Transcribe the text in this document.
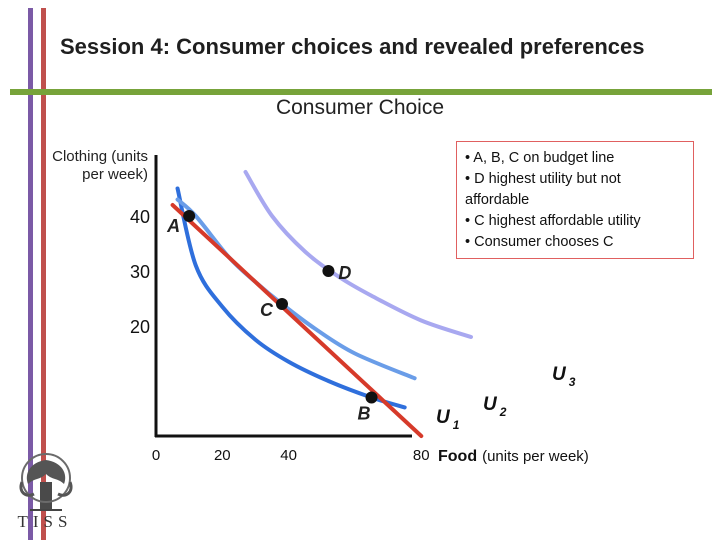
Session 4: Consumer choices and revealed preferences
Consumer Choice
Clothing (units per week)
• A, B, C on budget line
• D highest utility but not
affordable
• C highest affordable utility
• Consumer chooses C
0	20	40	80
20
30
40 A
B
C
D
U $_1$
U $_2$
U $_3$
Food (units per week)
TISS
